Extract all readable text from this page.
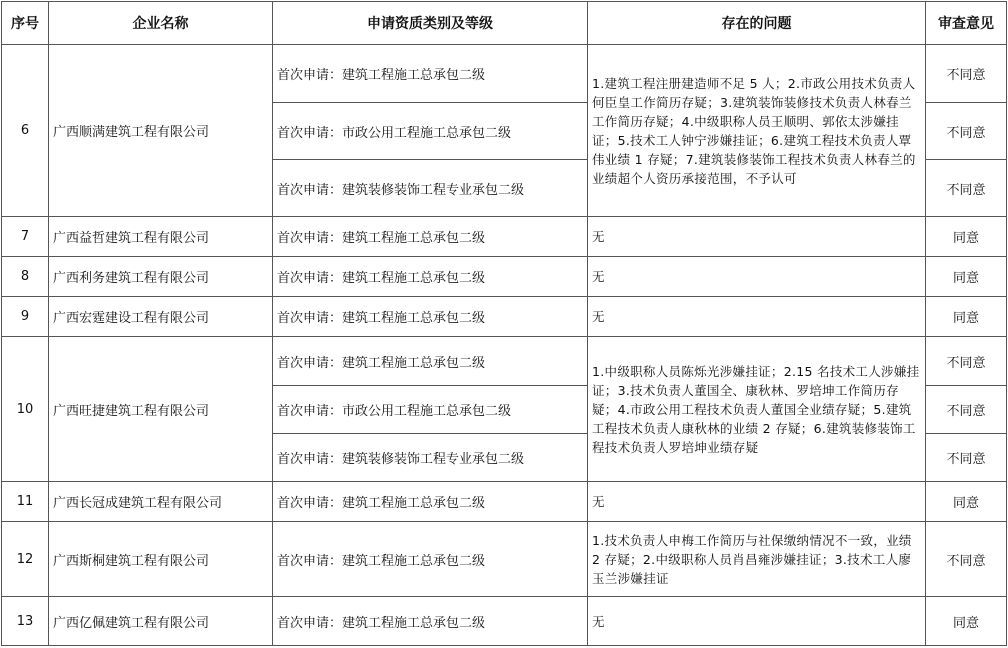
序号	企业名称	申请资质类别及等级	存在的问题	审查意见
6	广西顺满建筑工程有限公司	首次申请：建筑工程施工总承包二级	1.建筑工程注册建造师不足 5 人；2.市政公用技术负责人何臣皇工作简历存疑；3.建筑装饰装修技术负责人林春兰工作简历存疑；4.中级职称人员王顺明、郭依太涉嫌挂证；5.技术工人钟宁涉嫌挂证；6.建筑工程技术负责人覃伟业绩 1 存疑；7.建筑装修装饰工程技术负责人林春兰的业绩超个人资历承接范围，不予认可	不同意
		首次申请：市政公用工程施工总承包二级		不同意
		首次申请：建筑装修装饰工程专业承包二级		不同意
7	广西益哲建筑工程有限公司	首次申请：建筑工程施工总承包二级	无	同意
8	广西利务建筑工程有限公司	首次申请：建筑工程施工总承包二级	无	同意
9	广西宏霆建设工程有限公司	首次申请：建筑工程施工总承包二级	无	同意
10	广西旺捷建筑工程有限公司	首次申请：建筑工程施工总承包二级	1.中级职称人员陈烁光涉嫌挂证；2.15 名技术工人涉嫌挂证；3.技术负责人董国全、康秋林、罗培坤工作简历存疑；4.市政公用工程技术负责人董国全业绩存疑；5.建筑工程技术负责人康秋林的业绩 2 存疑；6.建筑装修装饰工程技术负责人罗培坤业绩存疑	不同意
		首次申请：市政公用工程施工总承包二级		不同意
		首次申请：建筑装修装饰工程专业承包二级		不同意
11	广西长冠成建筑工程有限公司	首次申请：建筑工程施工总承包二级	无	同意
12	广西斯桐建筑工程有限公司	首次申请：建筑工程施工总承包二级	1.技术负责人申梅工作简历与社保缴纳情况不一致，业绩 2 存疑；2.中级职称人员肖昌雍涉嫌挂证；3.技术工人廖玉兰涉嫌挂证	不同意
13	广西亿佩建筑工程有限公司	首次申请：建筑工程施工总承包二级	无	同意
